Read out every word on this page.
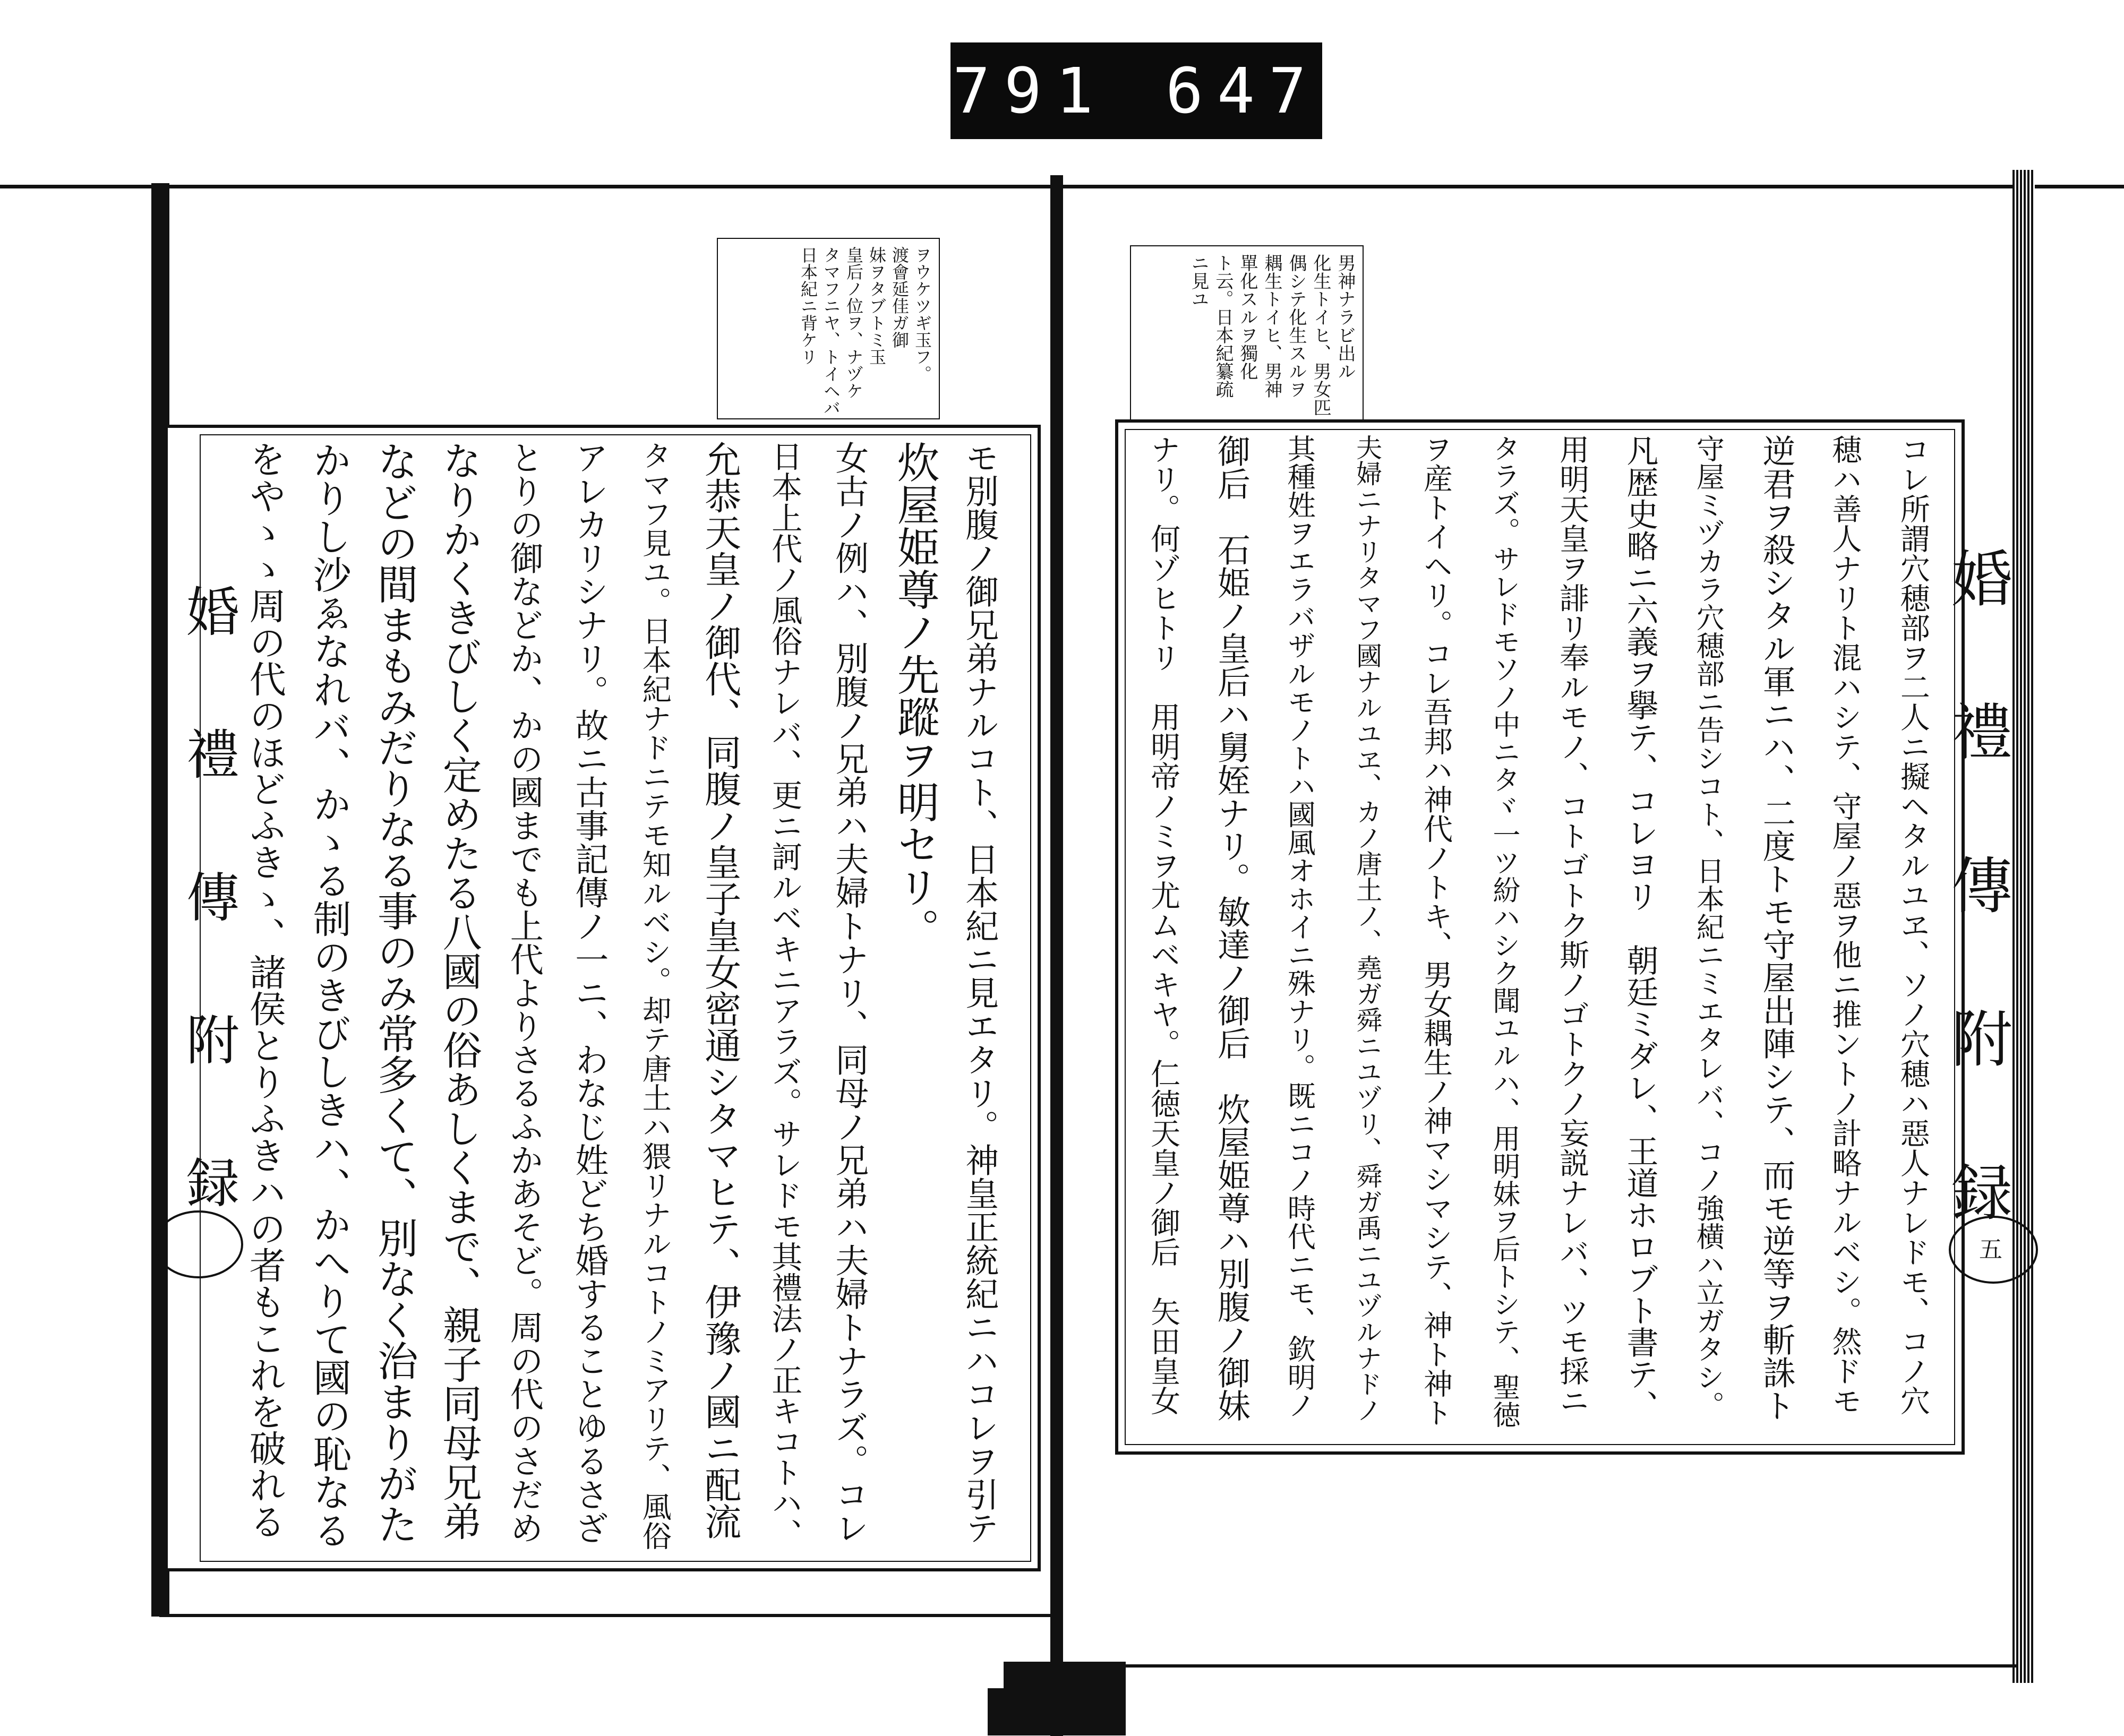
791 647
男神ナラビ出ル
化生トイヒ、男女匹
偶シテ化生スルヲ
耦生トイヒ、男神
單化スルヲ獨化
ト云。日本紀纂疏
ニ見ユ
コレ所謂穴穂部ヲ二人ニ擬ヘタルユヱ、ソノ穴穂ハ惡人ナレドモ、コノ穴
穂ハ善人ナリト混ハシテ、守屋ノ惡ヲ他ニ推ントノ計略ナルベシ。然ドモ
逆君ヲ殺シタル軍ニハ、二度トモ守屋出陣シテ、而モ逆等ヲ斬誅ト
守屋ミヅカラ穴穂部ニ告シコト、日本紀ニミエタレバ、コノ強横ハ立ガタシ。
凡歴史略ニ六義ヲ擧テ、コレヨリ　朝廷ミダレ、王道ホロブト書テ、
用明天皇ヲ誹リ奉ルモノ、コトゴトク斯ノゴトクノ妄説ナレバ、ツモ採ニ
タラズ。サレドモソノ中ニタヾ一ツ紛ハシク聞ユルハ、用明妹ヲ后トシテ、聖徳
ヲ産トイヘリ。コレ吾邦ハ神代ノトキ、男女耦生ノ神マシマシテ、神ト神ト
夫婦ニナリタマフ國ナルユヱ、カノ唐土ノ、堯ガ舜ニユヅリ、舜ガ禹ニユヅルナドノ
其種姓ヲエラバザルモノトハ國風オホイニ殊ナリ。既ニコノ時代ニモ、欽明ノ
御后　石姫ノ皇后ハ舅姪ナリ。敏達ノ御后　炊屋姫尊ハ別腹ノ御妹
ナリ。何ゾヒトリ　用明帝ノミヲ尤ムベキヤ。仁徳天皇ノ御后　矢田皇女	婚 禮 傳 附 録
五
ヲウケツギ玉フ。
渡會延佳ガ御
妹ヲタブトミ玉
皇后ノ位ヲ、ナヅケ
タマフニヤ、トイヘバ
日本紀ニ背ケリ
モ別腹ノ御兄弟ナルコト、日本紀ニ見エタリ。神皇正統紀ニハコレヲ引テ
炊屋姫尊ノ先蹤ヲ明セリ。
女古ノ例ハ、別腹ノ兄弟ハ夫婦トナリ、同母ノ兄弟ハ夫婦トナラズ。コレ
日本上代ノ風俗ナレバ、更ニ訶ルベキニアラズ。サレドモ其禮法ノ正キコトハ、
允恭天皇ノ御代、同腹ノ皇子皇女密通シタマヒテ、伊豫ノ國ニ配流
タマフ見ユ。日本紀ナドニテモ知ルベシ。却テ唐土ハ猥リナルコトノミアリテ、風俗
アレカリシナリ。故ニ古事記傳ノ一ニ、わなじ姓どち婚することゆるさざ
とりの御などか、かの國までも上代よりさるふかあそど。周の代のさだめ
なりかくきびしく定めたる八國の俗あしくまで、親子同母兄弟
などの間まもみだりなる事のみ常多くて、別なく治まりがた
かりし沙ゑなれバ、かゝる制のきびしきハ、かへりて國の恥なる
をやゝゝ周の代のほどふきゝ、諸侯とりふきハの者もこれを破れる
婚 禮 傳 附 録
